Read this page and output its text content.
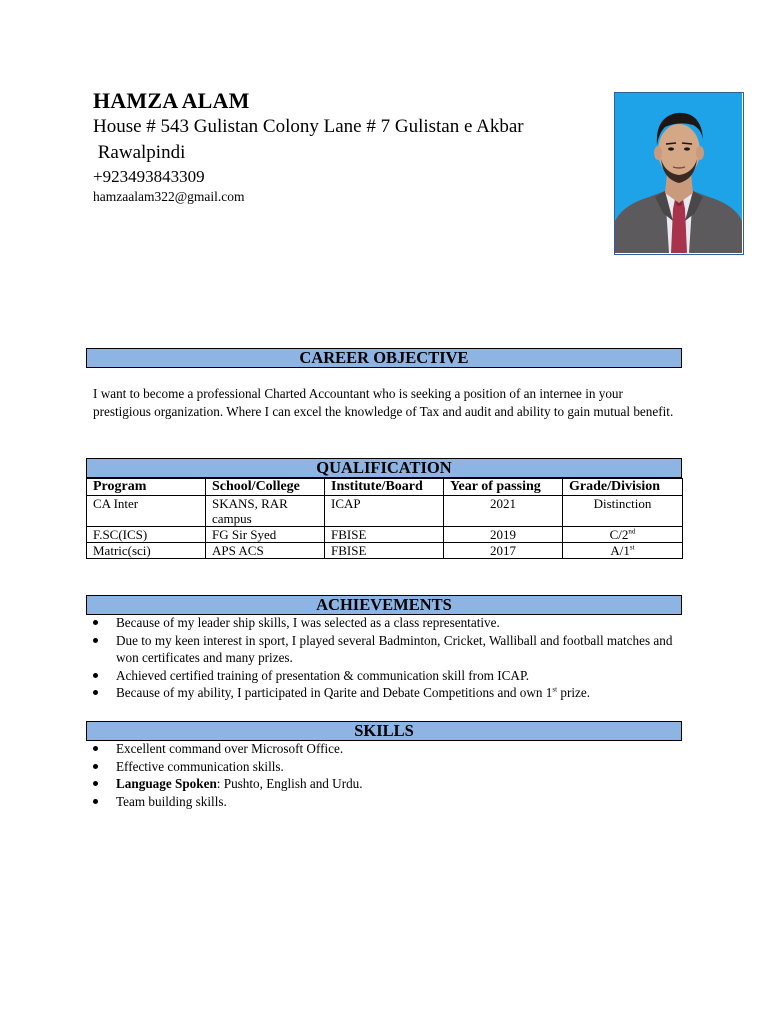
HAMZA ALAM
House # 543 Gulistan Colony Lane # 7 Gulistan e Akbar
Rawalpindi
+923493843309
hamzaalam322@gmail.com
CAREER OBJECTIVE
I want to become a professional Charted Accountant who is seeking a position of an internee in your prestigious organization. Where I can excel the knowledge of Tax and audit and ability to gain mutual benefit.
QUALIFICATION
Program	School/College	Institute/Board	Year of passing	Grade/Division
CA Inter	SKANS, RAR campus	ICAP	2021	Distinction
F.SC(ICS)	FG Sir Syed	FBISE	2019	C/2nd
Matric(sci)	APS ACS	FBISE	2017	A/1st
ACHIEVEMENTS
Because of my leader ship skills, I was selected as a class representative.
Due to my keen interest in sport, I played several Badminton, Cricket, Walliball and football matches and won certificates and many prizes.
Achieved certified training of presentation & communication skill from ICAP.
Because of my ability, I participated in Qarite and Debate Competitions and own 1st prize.
SKILLS
Excellent command over Microsoft Office.
Effective communication skills.
Language Spoken: Pushto, English and Urdu.
Team building skills.
